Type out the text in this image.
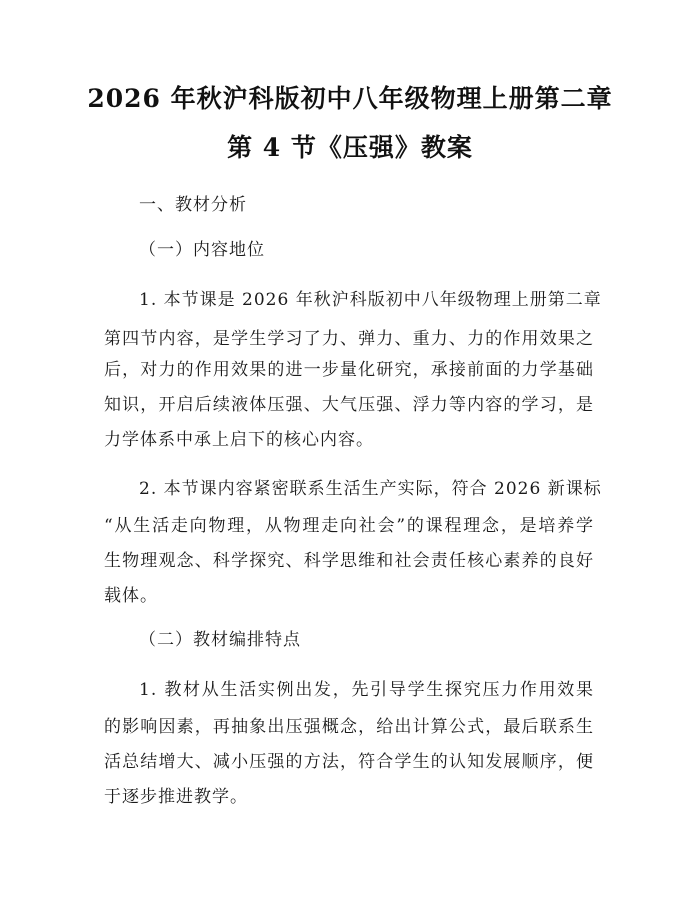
2026 年秋沪科版初中八年级物理上册第二章
第 4 节《压强》教案

一、教材分析

（一）内容地位

1. 本节课是 2026 年秋沪科版初中八年级物理上册第二章

第四节内容，是学生学习了力、弹力、重力、力的作用效果之

后，对力的作用效果的进一步量化研究，承接前面的力学基础

知识，开启后续液体压强、大气压强、浮力等内容的学习，是

力学体系中承上启下的核心内容。

2. 本节课内容紧密联系生活生产实际，符合 2026 新课标

“从生活走向物理，从物理走向社会”的课程理念，是培养学

生物理观念、科学探究、科学思维和社会责任核心素养的良好

载体。

（二）教材编排特点

1. 教材从生活实例出发，先引导学生探究压力作用效果

的影响因素，再抽象出压强概念，给出计算公式，最后联系生

活总结增大、减小压强的方法，符合学生的认知发展顺序，便

于逐步推进教学。
